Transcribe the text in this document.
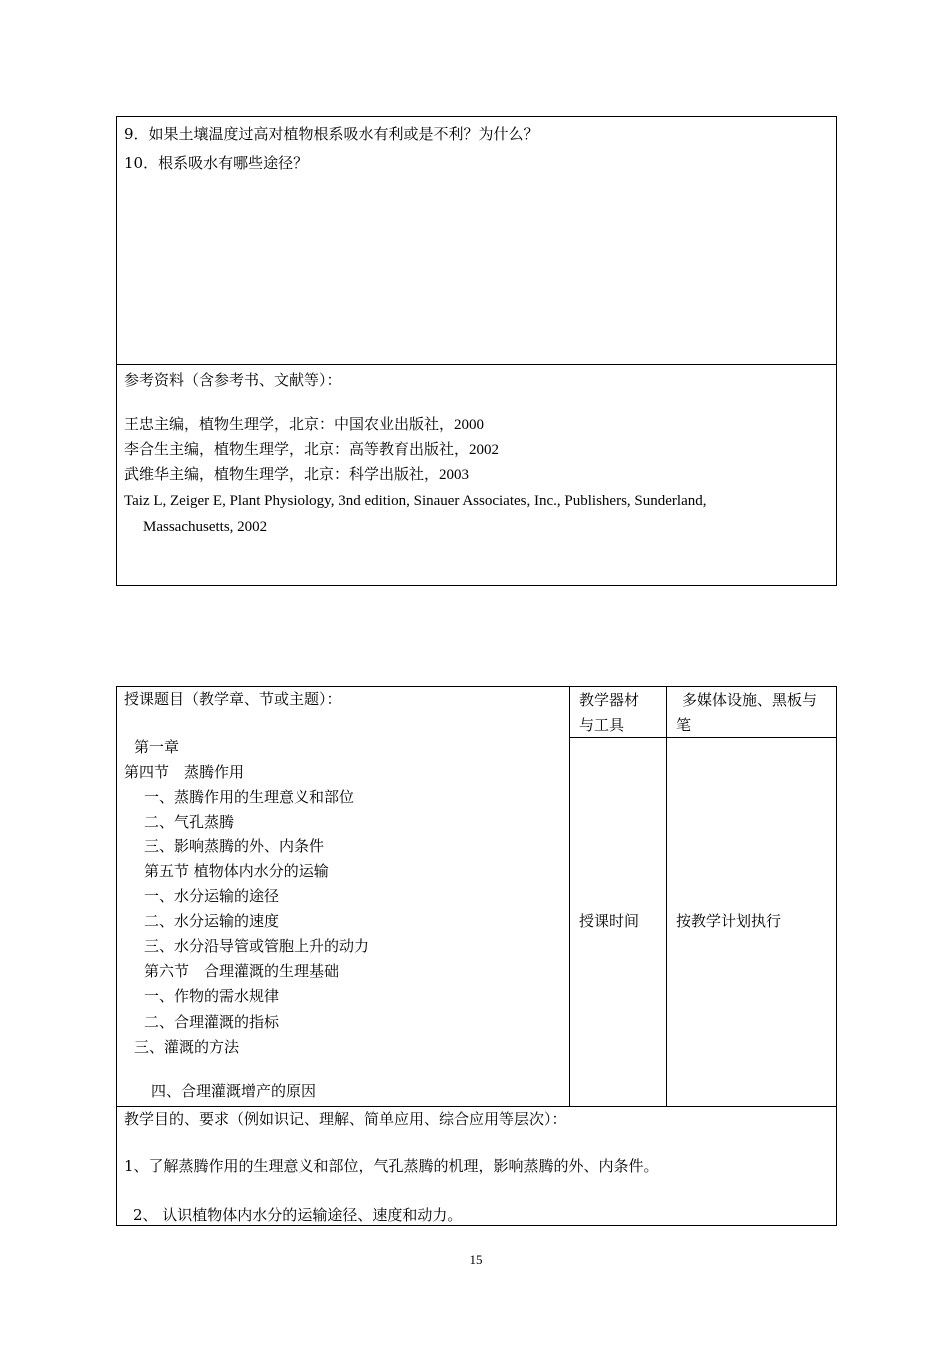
9．如果土壤温度过高对植物根系吸水有利或是不利？为什么？
10．根系吸水有哪些途径？
参考资料（含参考书、文献等）：
王忠主编，植物生理学，北京：中国农业出版社，2000
李合生主编，植物生理学，北京：高等教育出版社，2002
武维华主编，植物生理学，北京：科学出版社，2003
Taiz L, Zeiger E, Plant Physiology, 3nd edition, Sinauer Associates, Inc., Publishers, Sunderland,
Massachusetts, 2002
授课题目（教学章、节或主题）：	教学器材
与工具
多媒体设施、黑板与
笔
第一章
第四节　蒸腾作用
一、蒸腾作用的生理意义和部位
二、气孔蒸腾
三、影响蒸腾的外、内条件
第五节 植物体内水分的运输
一、水分运输的途径
二、水分运输的速度
三、水分沿导管或管胞上升的动力
第六节　合理灌溉的生理基础
一、作物的需水规律
二、合理灌溉的指标
三、灌溉的方法
四、合理灌溉增产的原因
授课时间 按教学计划执行
教学目的、要求（例如识记、理解、简单应用、综合应用等层次）：
1、了解蒸腾作用的生理意义和部位，气孔蒸腾的机理，影响蒸腾的外、内条件。
2、 认识植物体内水分的运输途径、速度和动力。
15
